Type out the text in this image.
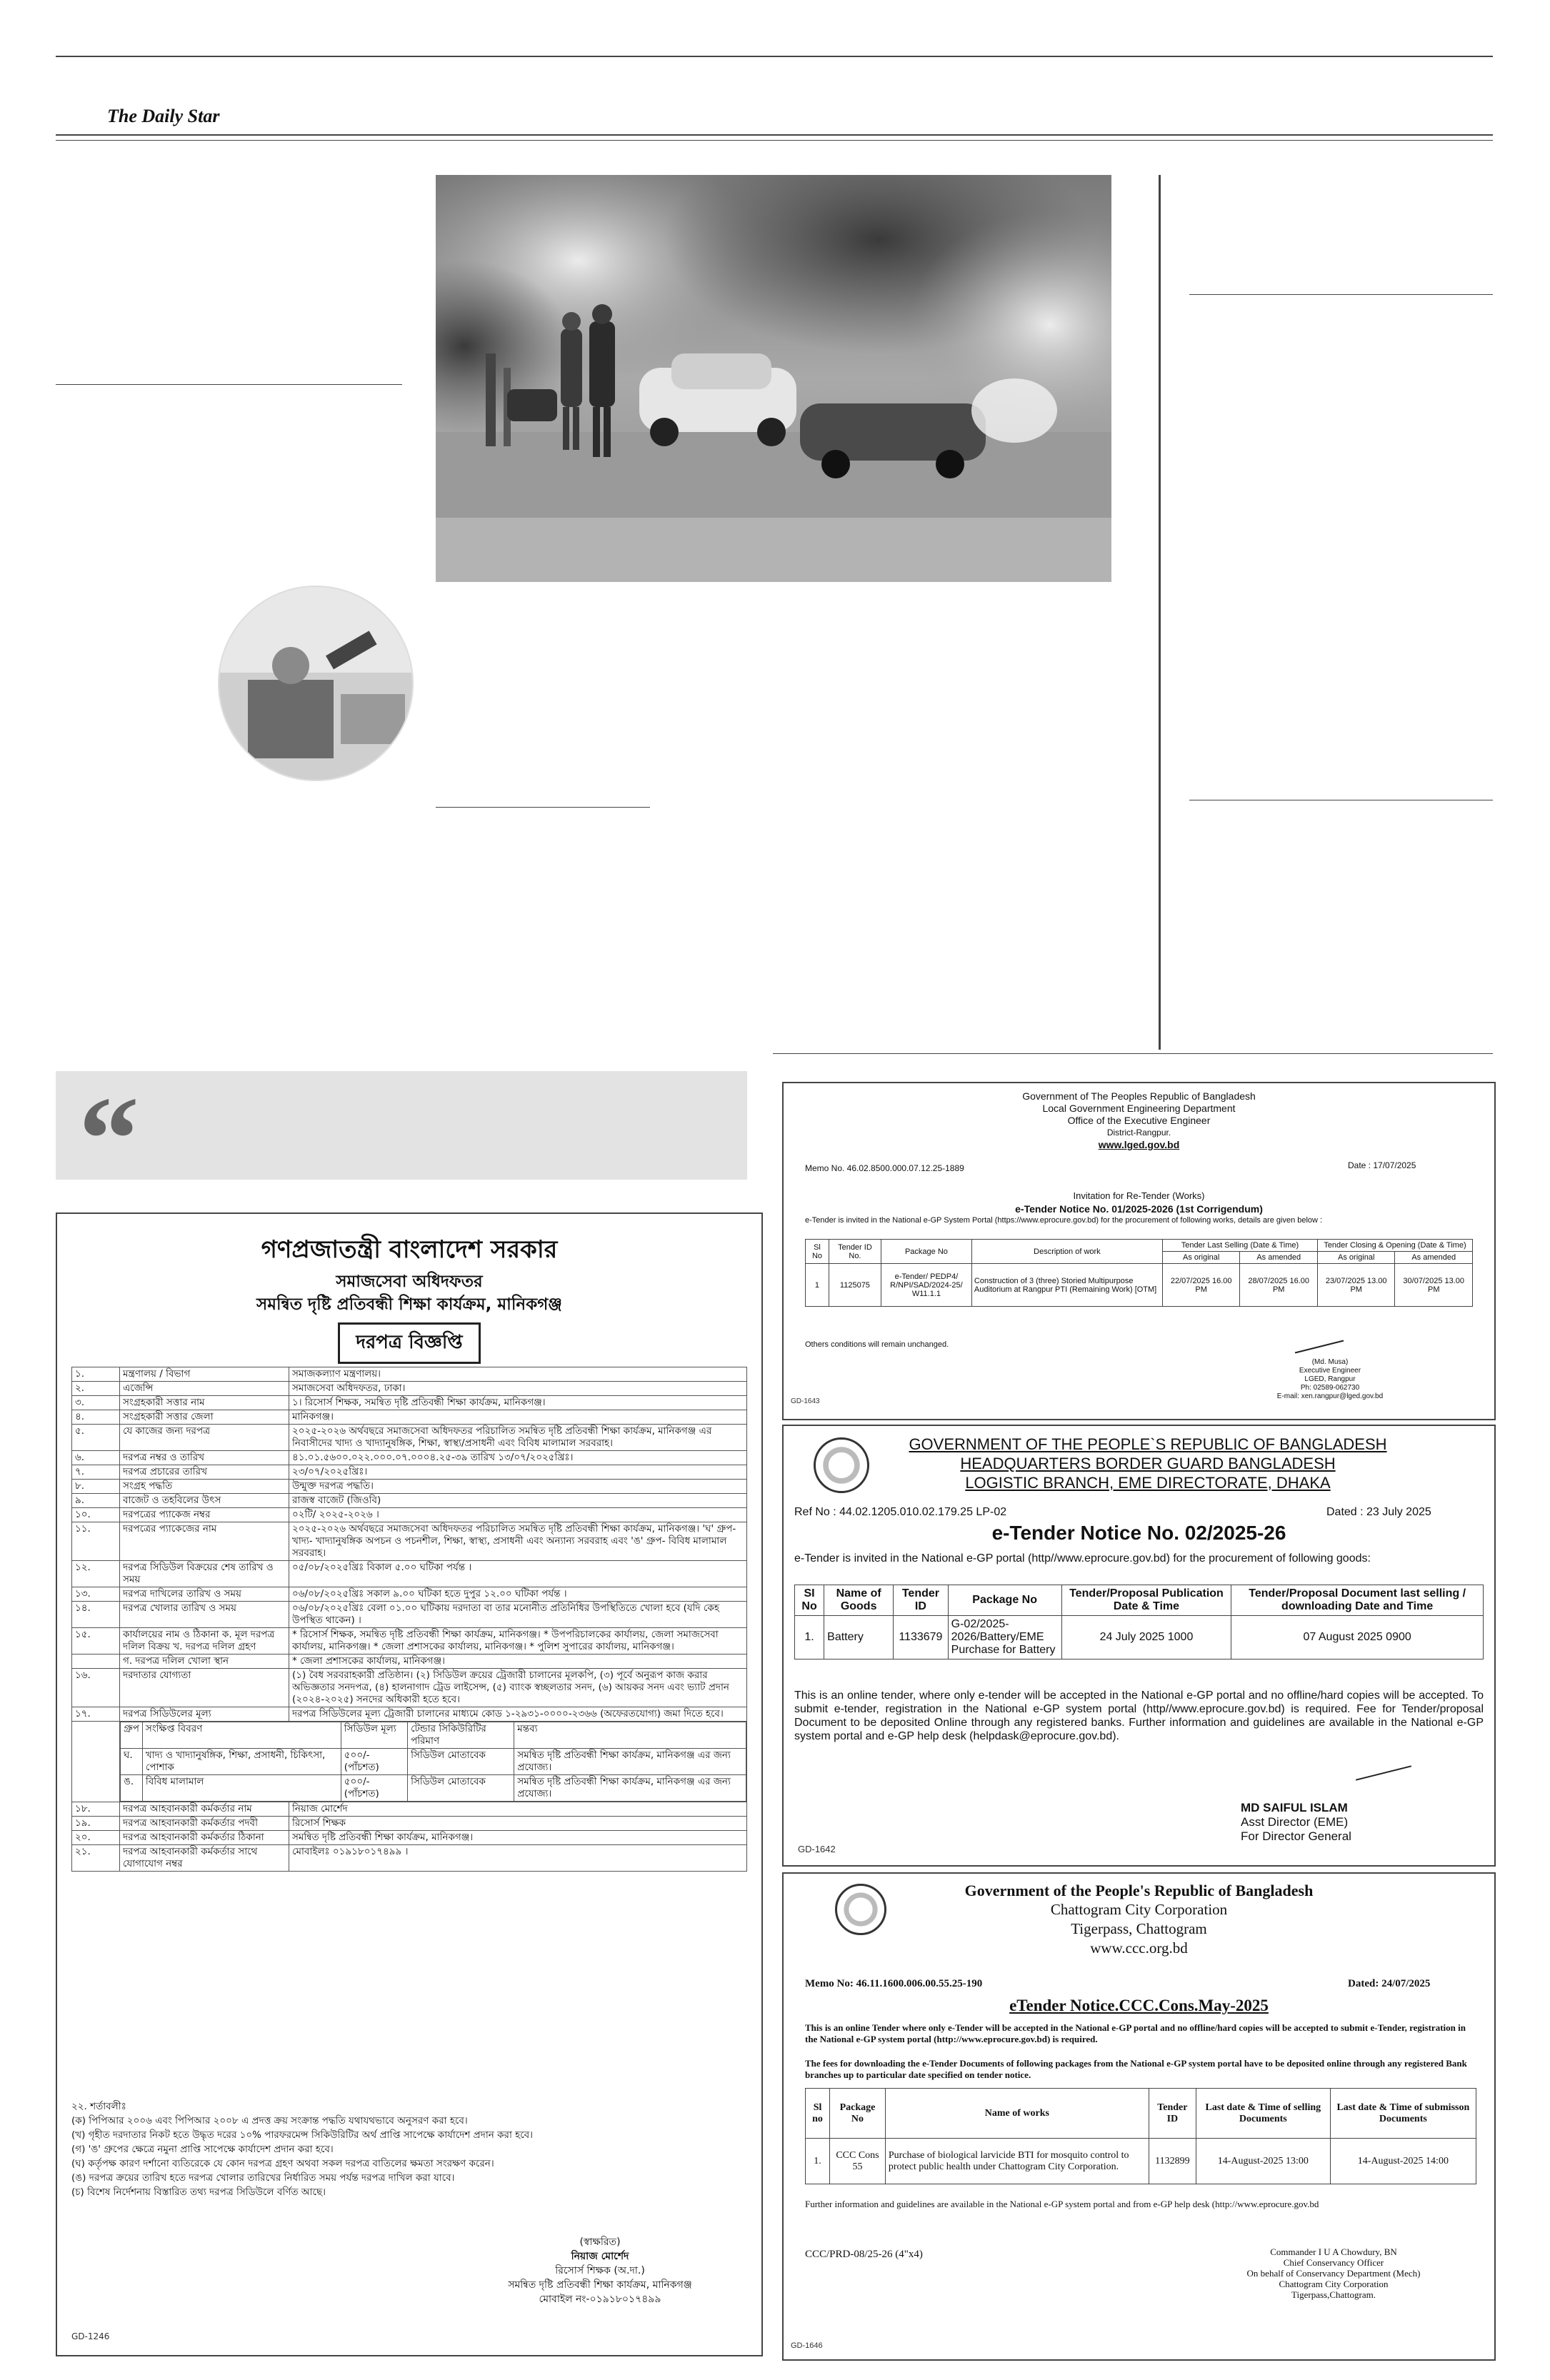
The Daily Star
“
গণপ্রজাতন্ত্রী বাংলাদেশ সরকার
সমাজসেবা অধিদফতর
সমন্বিত দৃষ্টি প্রতিবন্ধী শিক্ষা কার্যক্রম, মানিকগঞ্জ
দরপত্র বিজ্ঞপ্তি
১.	মন্ত্রণালয় / বিভাগ	সমাজকল্যাণ মন্ত্রণালয়।
২.	এজেন্সি	সমাজসেবা অধিদফতর, ঢাকা।
৩.	সংগ্রহকারী সত্তার নাম	১। রিসোর্স শিক্ষক, সমন্বিত দৃষ্টি প্রতিবন্ধী শিক্ষা কার্যক্রম, মানিকগঞ্জ।
৪.	সংগ্রহকারী সত্তার জেলা	মানিকগঞ্জ।
৫.	যে কাজের জন্য দরপত্র	২০২৫-২০২৬ অর্থবছরে সমাজসেবা অধিদফতর পরিচালিত সমন্বিত দৃষ্টি প্রতিবন্ধী শিক্ষা কার্যক্রম, মানিকগঞ্জ এর নিবাসীদের খাদ্য ও খাদ্যানুষঙ্গিক, শিক্ষা, স্বাস্থ্য/প্রসাধনী এবং বিবিধ মালামাল সরবরাহ।
৬.	দরপত্র নম্বর ও তারিখ	৪১.০১.৫৬০০.০২২.০০০.০৭.০০০৪.২৫-৩৯ তারিখ ১৩/০৭/২০২৫খ্রিঃ।
৭.	দরপত্র প্রচারের তারিখ	২৩/০৭/২০২৫খ্রিঃ।
৮.	সংগ্রহ পদ্ধতি	উন্মুক্ত দরপত্র পদ্ধতি।
৯.	বাজেট ও তহবিলের উৎস	রাজস্ব বাজেট (জিওবি)
১০.	দরপত্রের প্যাকেজ নম্বর	০২টি/ ২০২৫-২০২৬ ।
১১.	দরপত্রের প্যাকেজের নাম	২০২৫-২০২৬ অর্থবছরে সমাজসেবা অধিদফতর পরিচালিত সমন্বিত দৃষ্টি প্রতিবন্ধী শিক্ষা কার্যক্রম, মানিকগঞ্জ। 'ঘ' গ্রুপ- খাদ্য- খাদ্যানুষঙ্গিক অপচন ও পচনশীল, শিক্ষা, স্বাস্থ্য, প্রসাধনী এবং অন্যান্য সরবরাহ এবং 'ঙ' গ্রুপ- বিবিধ মালামাল সরবরাহ।
১২.	দরপত্র সিডিউল বিক্রয়ের শেষ তারিখ ও সময়	০৫/০৮/২০২৫খ্রিঃ বিকাল ৫.০০ ঘটিকা পর্যন্ত ।
১৩.	দরপত্র দাখিলের তারিখ ও সময়	০৬/০৮/২০২৫খ্রিঃ সকাল ৯.০০ ঘটিকা হতে দুপুর ১২.০০ ঘটিকা পর্যন্ত ।
১৪.	দরপত্র খোলার তারিখ ও সময়	০৬/০৮/২০২৫খ্রিঃ বেলা ০১.০০ ঘটিকায় দরদাতা বা তার মনোনীত প্রতিনিধির উপস্থিতিতে খোলা হবে (যদি কেহ উপস্থিত থাকেন) ।
১৫.	কার্যালয়ের নাম ও ঠিকানা ক. মূল দরপত্র দলিল বিক্রয় খ. দরপত্র দলিল গ্রহণ	* রিসোর্স শিক্ষক, সমন্বিত দৃষ্টি প্রতিবন্ধী শিক্ষা কার্যক্রম, মানিকগঞ্জ। * উপপরিচালকের কার্যালয়, জেলা সমাজসেবা কার্যালয়, মানিকগঞ্জ। * জেলা প্রশাসকের কার্যালয়, মানিকগঞ্জ। * পুলিশ সুপারের কার্যালয়, মানিকগঞ্জ।
	গ. দরপত্র দলিল খোলা স্থান	* জেলা প্রশাসকের কার্যালয়, মানিকগঞ্জ।
১৬.	দরদাতার যোগ্যতা	(১) বৈধ সরবরাহকারী প্রতিষ্ঠান। (২) সিডিউল ক্রয়ের ট্রেজারী চালানের মূলকপি, (৩) পূর্বে অনুরূপ কাজ করার অভিজ্ঞতার সনদপত্র, (৪) হালনাগাদ ট্রেড লাইসেন্স, (৫) ব্যাংক স্বচ্ছলতার সনদ, (৬) আয়কর সনদ এবং ভ্যাট প্রদান (২০২৪-২০২৫) সনদের অধিকারী হতে হবে।
১৭.	দরপত্র সিডিউলের মূল্য	দরপত্র সিডিউলের মূল্য ট্রেজারী চালানের মাধ্যমে কোড ১-২৯৩১-০০০০-২৩৬৬ (অফেরতযোগ্য) জমা দিতে হবে।

গ্রুপ	সংক্ষিপ্ত বিবরণ	সিডিউল মূল্য	টেন্ডার সিকিউরিটির পরিমাণ	মন্তব্য
ঘ.	খাদ্য ও খাদ্যানুষঙ্গিক, শিক্ষা, প্রসাধনী, চিকিৎসা, পোশাক	৫০০/- (পাঁচশত)	সিডিউল মোতাবেক	সমন্বিত দৃষ্টি প্রতিবন্ধী শিক্ষা কার্যক্রম, মানিকগঞ্জ এর জন্য প্রযোজ্য।
ঙ.	বিবিধ মালামাল	৫০০/- (পাঁচশত)	সিডিউল মোতাবেক	সমন্বিত দৃষ্টি প্রতিবন্ধী শিক্ষা কার্যক্রম, মানিকগঞ্জ এর জন্য প্রযোজ্য।

১৮.	দরপত্র আহবানকারী কর্মকর্তার নাম	নিয়াজ মোর্শেদ
১৯.	দরপত্র আহবানকারী কর্মকর্তার পদবী	রিসোর্স শিক্ষক
২০.	দরপত্র আহবানকারী কর্মকর্তার ঠিকানা	সমন্বিত দৃষ্টি প্রতিবন্ধী শিক্ষা কার্যক্রম, মানিকগঞ্জ।
২১.	দরপত্র আহবানকারী কর্মকর্তার সাথে যোগাযোগ নম্বর	মোবাইলঃ ০১৯১৮০১৭৪৯৯ ।
২২. শর্তাবলীঃ
(ক) পিপিআর ২০০৬ এবং পিপিআর ২০০৮ এ প্রদত্ত ক্রয় সংক্রান্ত পদ্ধতি যথাযথভাবে অনুসরণ করা হবে।
(খ) গৃহীত দরদাতার নিকট হতে উদ্ধৃত দরের ১০% পারফরমেন্স সিকিউরিটির অর্থ প্রাপ্তি সাপেক্ষে কার্যাদেশ প্রদান করা হবে।
(গ) 'ঙ' গ্রুপের ক্ষেত্রে নমুনা প্রাপ্তি সাপেক্ষে কার্যাদেশ প্রদান করা হবে।
(ঘ) কর্তৃপক্ষ কারণ দর্শানো ব্যতিরেকে যে কোন দরপত্র গ্রহণ অথবা সকল দরপত্র বাতিলের ক্ষমতা সংরক্ষণ করেন।
(ঙ) দরপত্র ক্রয়ের তারিখ হতে দরপত্র খোলার তারিখের নির্ধারিত সময় পর্যন্ত দরপত্র দাখিল করা যাবে।
(চ) বিশেষ নির্দেশনায় বিস্তারিত তথ্য দরপত্র সিডিউলে বর্ণিত আছে।
(স্বাক্ষরিত)
নিয়াজ মোর্শেদ
রিসোর্স শিক্ষক (অ.দা.)
সমন্বিত দৃষ্টি প্রতিবন্ধী শিক্ষা কার্যক্রম, মানিকগঞ্জ
মোবাইল নং-০১৯১৮০১৭৪৯৯
GD-1246
Government of The Peoples Republic of Bangladesh
Local Government Engineering Department
Office of the Executive Engineer
District-Rangpur.
www.lged.gov.bd
Memo No. 46.02.8500.000.07.12.25-1889	Date : 17/07/2025
Invitation for Re-Tender (Works)
e-Tender Notice No. 01/2025-2026 (1st Corrigendum)
e-Tender is invited in the National e-GP System Portal (https://www.eprocure.gov.bd) for the procurement of following works, details are given below :
Sl No	Tender ID No.	Package No	Description of work	Tender Last Selling (Date & Time)		Tender Closing & Opening (Date & Time)	
				As original	As amended	As original	As amended
1	1125075	e-Tender/ PEDP4/ R/NPI/SAD/2024-25/ W11.1.1	Construction of 3 (three) Storied Multipurpose Auditorium at Rangpur PTI (Remaining Work) [OTM]	22/07/2025 16.00 PM	28/07/2025 16.00 PM	23/07/2025 13.00 PM	30/07/2025 13.00 PM
Others conditions will remain unchanged.
(Md. Musa)
Executive Engineer
LGED, Rangpur
Ph: 02589-062730
E-mail: xen.rangpur@lged.gov.bd
GD-1643
GOVERNMENT OF THE PEOPLE`S REPUBLIC OF BANGLADESH
HEADQUARTERS BORDER GUARD BANGLADESH
LOGISTIC BRANCH, EME DIRECTORATE, DHAKA
Ref No : 44.02.1205.010.02.179.25 LP-02	Dated : 23 July 2025
e-Tender Notice No. 02/2025-26
e-Tender is invited in the National e-GP portal (http//www.eprocure.gov.bd) for the procurement of following goods:
SI No	Name of Goods	Tender ID	Package No	Tender/Proposal Publication Date & Time	Tender/Proposal Document last selling / downloading Date and Time
1.	Battery	1133679	G-02/2025-2026/Battery/EME Purchase for Battery	24 July 2025 1000	07 August 2025 0900
This is an online tender, where only e-tender will be accepted in the National e-GP portal and no offline/hard copies will be accepted. To submit e-tender, registration in the National e-GP system portal (http//www.eprocure.gov.bd) is required. Fee for Tender/proposal Document to be deposited Online through any registered banks. Further information and guidelines are available in the National e-GP system portal and e-GP help desk (helpdask@eprocure.gov.bd).
MD SAIFUL ISLAM
Asst Director (EME)
For Director General
GD-1642
Government of the People's Republic of Bangladesh
Chattogram City Corporation
Tigerpass, Chattogram
www.ccc.org.bd
Memo No: 46.11.1600.006.00.55.25-190	Dated: 24/07/2025
eTender Notice.CCC.Cons.May-2025
This is an online Tender where only e-Tender will be accepted in the National e-GP portal and no offline/hard copies will be accepted to submit e-Tender, registration in the National e-GP system portal (http://www.eprocure.gov.bd) is required.
The fees for downloading the e-Tender Documents of following packages from the National e-GP system portal have to be deposited online through any registered Bank branches up to particular date specified on tender notice.
Sl no	Package No	Name of works	Tender ID	Last date & Time of selling Documents	Last date & Time of submisson Documents
1.	CCC Cons 55	Purchase of biological larvicide BTI for mosquito control to protect public health under Chattogram City Corporation.	1132899	14-August-2025 13:00	14-August-2025 14:00
Further information and guidelines are available in the National e-GP system portal and from e-GP help desk (http://www.eprocure.gov.bd
CCC/PRD-08/25-26 (4"x4)	Commander I U A Chowdury, BN
Chief Conservancy Officer
On behalf of Conservancy Department (Mech)
Chattogram City Corporation
Tigerpass,Chattogram.
GD-1646
